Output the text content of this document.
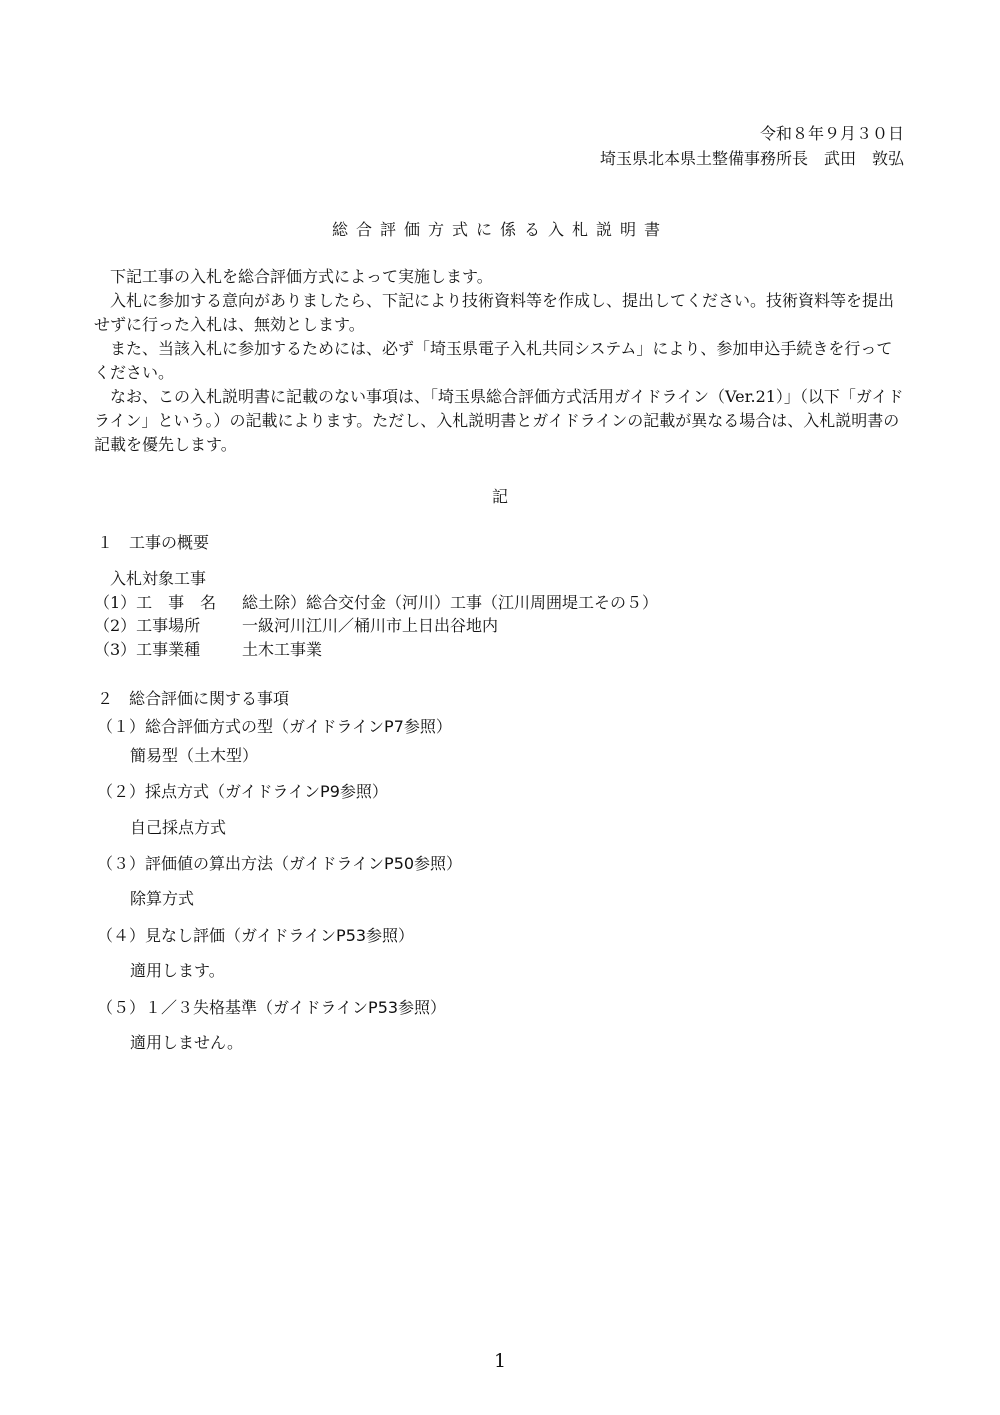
令和８年９月３０日
埼玉県北本県土整備事務所長　武田　敦弘
総合評価方式に係る入札説明書
　下記工事の入札を総合評価方式によって実施します。
　入札に参加する意向がありましたら、下記により技術資料等を作成し、提出してください。技術資料等を提出せずに行った入札は、無効とします。
　また、当該入札に参加するためには、必ず「埼玉県電子入札共同システム」により、参加申込手続きを行ってください。
　なお、この入札説明書に記載のない事項は、「埼玉県総合評価方式活用ガイドライン（Ver.21）」（以下「ガイドライン」という。）の記載によります。ただし、入札説明書とガイドラインの記載が異なる場合は、入札説明書の記載を優先します。
記
１　工事の概要
入札対象工事
（1）工　事　名 総土除）総合交付金（河川）工事（江川周囲堤工その５）
（2）工事場所	一級河川江川／桶川市上日出谷地内
（3）工事業種	土木工事業
２　総合評価に関する事項
（１）総合評価方式の型（ガイドラインP7参照）
簡易型（土木型）
（２）採点方式（ガイドラインP9参照）
自己採点方式
（３）評価値の算出方法（ガイドラインP50参照）
除算方式
（４）見なし評価（ガイドラインP53参照）
適用します。
（５）１／３失格基準（ガイドラインP53参照）
適用しません。
1
